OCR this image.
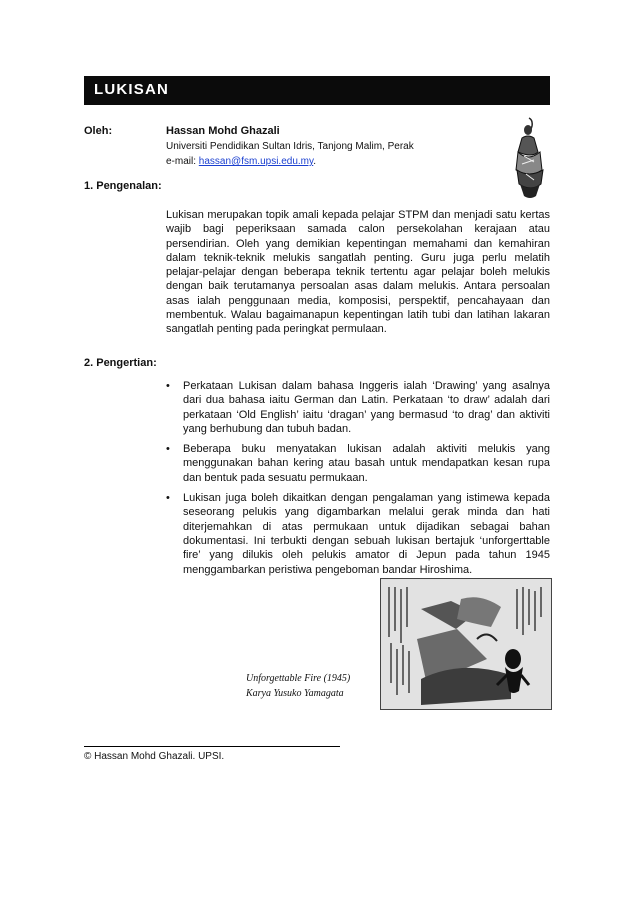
LUKISAN
Oleh:	Hassan Mohd Ghazali
Universiti Pendidikan Sultan Idris, Tanjong Malim, Perak
e-mail: hassan@fsm.upsi.edu.my.
1. Pengenalan:
Lukisan merupakan topik amali kepada pelajar STPM dan menjadi satu kertas wajib bagi peperiksaan samada calon persekolahan kerajaan atau persendirian. Oleh yang demikian kepentingan memahami dan kemahiran dalam teknik-teknik melukis sangatlah penting. Guru juga perlu melatih pelajar-pelajar dengan beberapa teknik tertentu agar pelajar boleh melukis dengan baik terutamanya persoalan asas dalam melukis. Antara persoalan asas ialah penggunaan media, komposisi, perspektif, pencahayaan dan membentuk. Walau bagaimanapun kepentingan latih tubi dan latihan lakaran sangatlah penting pada peringkat permulaan.
2. Pengertian:
• Perkataan Lukisan dalam bahasa Inggeris ialah ‘Drawing’ yang asalnya dari dua bahasa iaitu German dan Latin. Perkataan ‘to draw’ adalah dari perkataan ‘Old English’ iaitu ‘dragan’ yang bermasud ‘to drag’ dan aktiviti yang berhubung dan tubuh badan.
• Beberapa buku menyatakan lukisan adalah aktiviti melukis yang menggunakan bahan kering atau basah untuk mendapatkan kesan rupa dan bentuk pada sesuatu permukaan.
• Lukisan juga boleh dikaitkan dengan pengalaman yang istimewa kepada seseorang pelukis yang digambarkan melalui gerak minda dan hati diterjemahkan di atas permukaan untuk dijadikan sebagai bahan dokumentasi. Ini terbukti dengan sebuah lukisan bertajuk ‘unforgerttable fire’ yang dilukis oleh pelukis amator di Jepun pada tahun 1945 menggambarkan peristiwa pengeboman bandar Hiroshima.
Unforgettable Fire (1945)
Karya Yusuko Yamagata
© Hassan Mohd Ghazali. UPSI.
